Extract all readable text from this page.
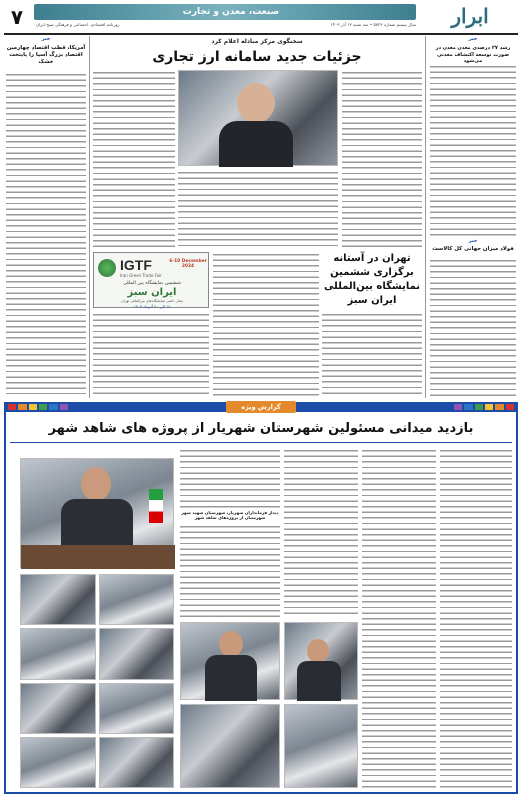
۷	صنعت، معدن و تجارت
سال بیستم شماره ۵۸۲۳ • سه شنبه ۱۳ آذر ۱۴۰۳
روزنامه اقتصادی، اجتماعی و فرهنگی صبح ایران	ابرار
خبر
آمریکا، قطب اقتصاد چهارمین اقتصاد بزرگ آسیا را پایتخت خشک
سخنگوی مرکز مبادله اعلام کرد
جزئیات جدید سامانه ارز تجاری
IGTF
Iran Green Trade Fair
6-10 December 2024
ششمین نمایشگاه بین المللی
ایران سبز
محل دائمی نمایشگاه‌های بین‌المللی تهران
۱۶ الی ۲۰ آذرماه ۱۴۰۳
تهران در آستانه برگزاری ششمین نمایشگاه بین‌المللی ایران سبز
خبر
رشد ۲۷ درصدی معدن معدن در صورت توسعه اکتشاف معدنی می‌شود
خبر
فولاد میزان جهانی کل کالاست
گزارش ویژه
بازدید میدانی مسئولین شهرستان شهریار از پروژه های شاهد شهر
دیدار فرمانداران شهریار، شهرستان شهید شهر شهرستان از پروژه‌های شاهد شهر
